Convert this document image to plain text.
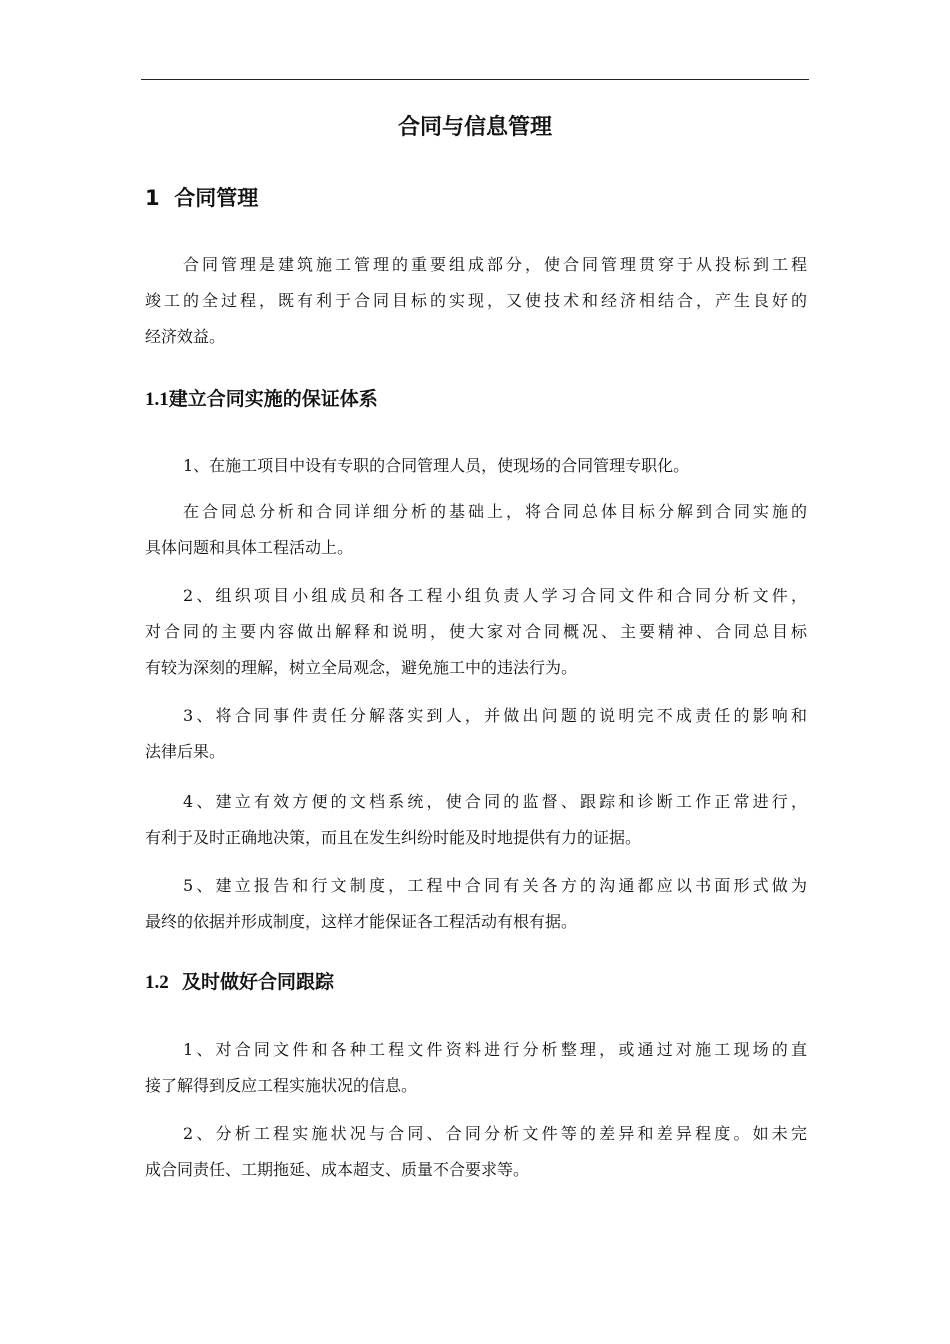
合同与信息管理
1 合同管理
合同管理是建筑施工管理的重要组成部分，使合同管理贯穿于从投标到工程
竣工的全过程，既有利于合同目标的实现，又使技术和经济相结合，产生良好的
经济效益。
1.1建立合同实施的保证体系
1、在施工项目中设有专职的合同管理人员，使现场的合同管理专职化。
在合同总分析和合同详细分析的基础上，将合同总体目标分解到合同实施的
具体问题和具体工程活动上。
2、组织项目小组成员和各工程小组负责人学习合同文件和合同分析文件，
对合同的主要内容做出解释和说明，使大家对合同概况、主要精神、合同总目标
有较为深刻的理解，树立全局观念，避免施工中的违法行为。
3、将合同事件责任分解落实到人，并做出问题的说明完不成责任的影响和
法律后果。
4、建立有效方便的文档系统，使合同的监督、跟踪和诊断工作正常进行，
有利于及时正确地决策，而且在发生纠纷时能及时地提供有力的证据。
5、建立报告和行文制度，工程中合同有关各方的沟通都应以书面形式做为
最终的依据并形成制度，这样才能保证各工程活动有根有据。
1.2 及时做好合同跟踪
1、对合同文件和各种工程文件资料进行分析整理，或通过对施工现场的直
接了解得到反应工程实施状况的信息。
2、分析工程实施状况与合同、合同分析文件等的差异和差异程度。如未完
成合同责任、工期拖延、成本超支、质量不合要求等。
